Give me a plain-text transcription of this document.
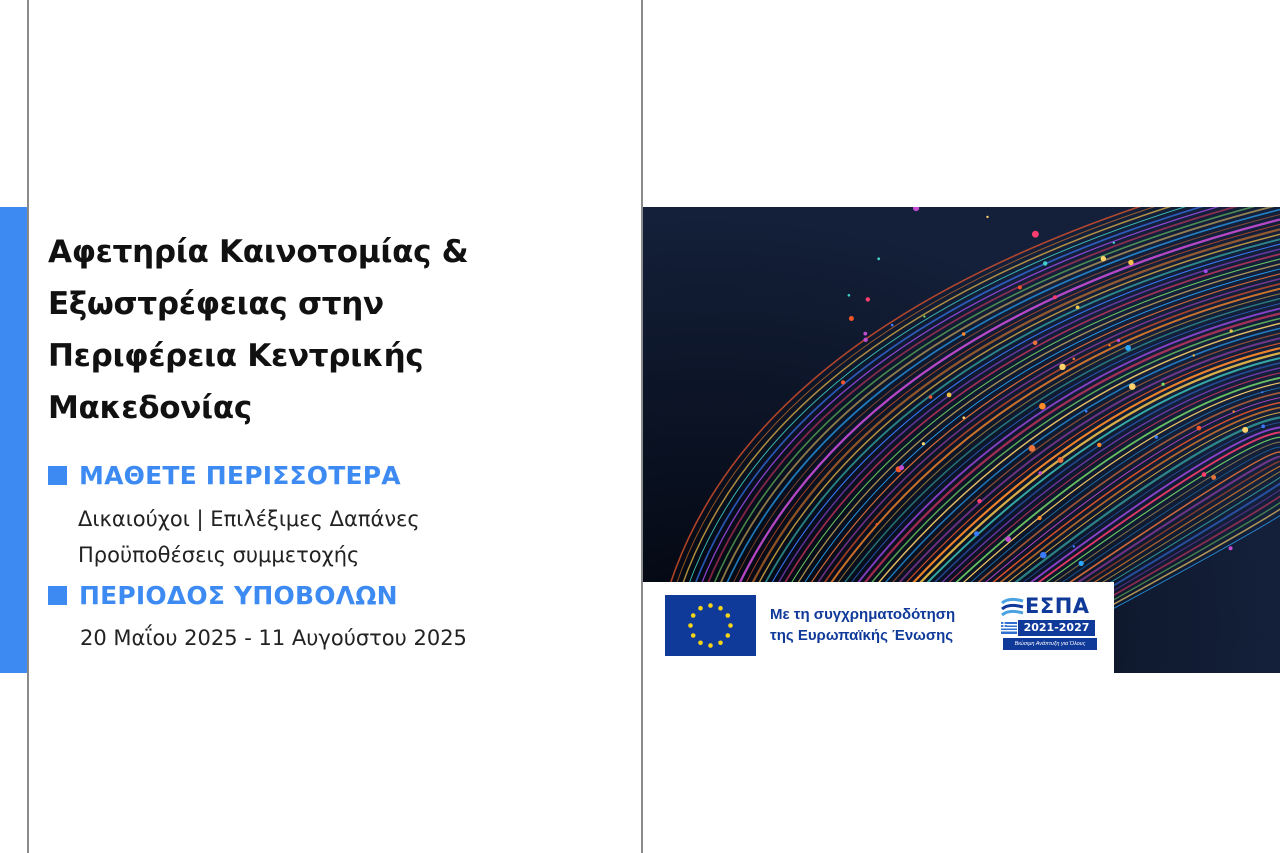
Αφετηρία Καινοτομίας &
Εξωστρέφειας στην
Περιφέρεια Κεντρικής
Μακεδονίας
ΜΑΘΕΤΕ ΠΕΡΙΣΣΟΤΕΡΑ
Δικαιούχοι | Επιλέξιμες Δαπάνες
Προϋποθέσεις συμμετοχής
ΠΕΡΙΟΔΟΣ ΥΠΟΒΟΛΩΝ
20 Μαΐου 2025 - 11 Αυγούστου 2025
Με τη συγχρηματοδότηση
της Ευρωπαϊκής Ένωσης
ΕΣΠΑ
2021-2027
Βιώσιμη Ανάπτυξη για Όλους
